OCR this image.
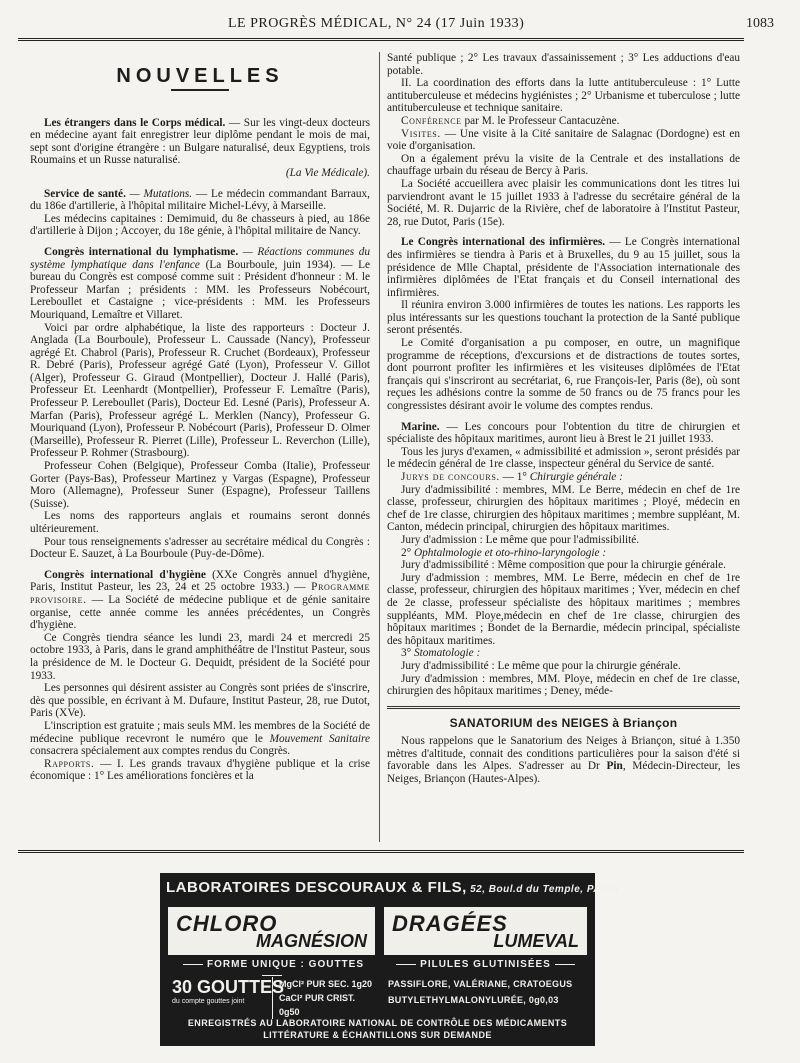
LE PROGRÈS MÉDICAL, N° 24 (17 Juin 1933)	1083
NOUVELLES

Les étrangers dans le Corps médical. — Sur les vingt-deux docteurs en médecine ayant fait enregistrer leur diplôme pendant le mois de mai, sept sont d'origine étrangère : un Bulgare naturalisé, deux Egyptiens, trois Roumains et un Russe naturalisé.

(La Vie Médicale).

Service de santé. — Mutations. — Le médecin commandant Barraux, du 186e d'artillerie, à l'hôpital militaire Michel-Lévy, à Marseille.

Les médecins capitaines : Demimuid, du 8e chasseurs à pied, au 186e d'artillerie à Dijon ; Accoyer, du 18e génie, à l'hôpital militaire de Nancy.

Congrès international du lymphatisme. — Réactions communes du système lymphatique dans l'enfance (La Bourboule, juin 1934). — Le bureau du Congrès est composé comme suit : Président d'honneur : M. le Professeur Marfan ; présidents : MM. les Professeurs Nobécourt, Lereboullet et Castaigne ; vice-présidents : MM. les Professeurs Mouriquand, Lemaître et Villaret.

Voici par ordre alphabétique, la liste des rapporteurs : Docteur J. Anglada (La Bourboule), Professeur L. Caussade (Nancy), Professeur agrégé Et. Chabrol (Paris), Professeur R. Cruchet (Bordeaux), Professeur R. Debré (Paris), Professeur agrégé Gaté (Lyon), Professeur V. Gillot (Alger), Professeur G. Giraud (Montpellier), Docteur J. Hallé (Paris), Professeur Et. Leenhardt (Montpellier), Professeur F. Lemaître (Paris), Professeur P. Lereboullet (Paris), Docteur Ed. Lesné (Paris), Professeur A. Marfan (Paris), Professeur agrégé L. Merklen (Nancy), Professeur G. Mouriquand (Lyon), Professeur P. Nobécourt (Paris), Professeur D. Olmer (Marseille), Professeur R. Pierret (Lille), Professeur L. Reverchon (Lille), Professeur P. Rohmer (Strasbourg).

Professeur Cohen (Belgique), Professeur Comba (Italie), Professeur Gorter (Pays-Bas), Professeur Martinez y Vargas (Espagne), Professeur Moro (Allemagne), Professeur Suner (Espagne), Professeur Taillens (Suisse).

Les noms des rapporteurs anglais et roumains seront donnés ultérieurement.

Pour tous renseignements s'adresser au secrétaire médical du Congrès : Docteur E. Sauzet, à La Bourboule (Puy-de-Dôme).

Congrès international d'hygiène (XXe Congrès annuel d'hygiène, Paris, Institut Pasteur, les 23, 24 et 25 octobre 1933.) — Programme provisoire. — La Société de médecine publique et de génie sanitaire organise, cette année comme les années précédentes, un Congrès d'hygiène.

Ce Congrès tiendra séance les lundi 23, mardi 24 et mercredi 25 octobre 1933, à Paris, dans le grand amphithéâtre de l'Institut Pasteur, sous la présidence de M. le Docteur G. Dequidt, président de la Société pour 1933.

Les personnes qui désirent assister au Congrès sont priées de s'inscrire, dès que possible, en écrivant à M. Dufaure, Institut Pasteur, 28, rue Dutot, Paris (XVe).

L'inscription est gratuite ; mais seuls MM. les membres de la Société de médecine publique recevront le numéro que le Mouvement Sanitaire consacrera spécialement aux comptes rendus du Congrès.

Rapports. — I. Les grands travaux d'hygiène publique et la crise économique : 1° Les améliorations foncières et la

Santé publique ; 2° Les travaux d'assainissement ; 3° Les adductions d'eau potable.

II. La coordination des efforts dans la lutte antituberculeuse : 1° Lutte antituberculeuse et médecins hygiénistes ; 2° Urbanisme et tuberculose ; lutte antituberculeuse et technique sanitaire.

Conférence par M. le Professeur Cantacuzène.

Visites. — Une visite à la Cité sanitaire de Salagnac (Dordogne) est en voie d'organisation.

On a également prévu la visite de la Centrale et des installations de chauffage urbain du réseau de Bercy à Paris.

La Société accueillera avec plaisir les communications dont les titres lui parviendront avant le 15 juillet 1933 à l'adresse du secrétaire général de la Société, M. R. Dujarric de la Rivière, chef de laboratoire à l'Institut Pasteur, 28, rue Dutot, Paris (15e).

Le Congrès international des infirmières. — Le Congrès international des infirmières se tiendra à Paris et à Bruxelles, du 9 au 15 juillet, sous la présidence de Mlle Chaptal, présidente de l'Association internationale des infirmières diplômées de l'Etat français et du Conseil international des infirmières.

Il réunira environ 3.000 infirmières de toutes les nations. Les rapports les plus intéressants sur les questions touchant la protection de la Santé publique seront présentés.

Le Comité d'organisation a pu composer, en outre, un magnifique programme de réceptions, d'excursions et de distractions de toutes sortes, dont pourront profiter les infirmières et les visiteuses diplômées de l'Etat français qui s'inscriront au secrétariat, 6, rue François-Ier, Paris (8e), où sont reçues les adhésions contre la somme de 50 francs ou de 75 francs pour les congressistes désirant avoir le volume des comptes rendus.

Marine. — Les concours pour l'obtention du titre de chirurgien et spécialiste des hôpitaux maritimes, auront lieu à Brest le 21 juillet 1933.

Tous les jurys d'examen, « admissibilité et admission », seront présidés par le médecin général de 1re classe, inspecteur général du Service de santé.

Jurys de concours. — 1° Chirurgie générale :

Jury d'admissibilité : membres, MM. Le Berre, médecin en chef de 1re classe, professeur, chirurgien des hôpitaux maritimes ; Ployé, médecin en chef de 1re classe, chirurgien des hôpitaux maritimes ; membre suppléant, M. Canton, médecin principal, chirurgien des hôpitaux maritimes.

Jury d'admission : Le même que pour l'admissibilité.

2° Ophtalmologie et oto-rhino-laryngologie :

Jury d'admissibilité : Même composition que pour la chirurgie générale.

Jury d'admission : membres, MM. Le Berre, médecin en chef de 1re classe, professeur, chirurgien des hôpitaux maritimes ; Yver, médecin en chef de 2e classe, professeur spécialiste des hôpitaux maritimes ; membres suppléants, MM. Ploye,médecin en chef de 1re classe, chirurgien des hôpitaux maritimes ; Bondet de la Bernardie, médecin principal, spécialiste des hôpitaux maritimes.

3° Stomatologie :

Jury d'admissibilité : Le même que pour la chirurgie générale.

Jury d'admission : membres, MM. Ploye, médecin en chef de 1re classe, chirurgien des hôpitaux maritimes ; Deney, méde-

SANATORIUM des NEIGES à Briançon

Nous rappelons que le Sanatorium des Neiges à Briançon, situé à 1.350 mètres d'altitude, connait des conditions particulières pour la saison d'été si favorable dans les Alpes. S'adresser au Dr Pin, Médecin-Directeur, les Neiges, Briançon (Hautes-Alpes).

LABORATOIRES DESCOURAUX & FILS, 52, Boul.d du Temple, PARIS
CHLORO
MAGNÉSION
FORME UNIQUE : GOUTTES
30 GOUTTES
du compte gouttes joint
MgCl² PUR SEC. 1g20
CaCl² PUR CRIST. 0g50
DRAGÉES
LUMEVAL
PILULES GLUTINISÉES
PASSIFLORE, VALÉRIANE, CRATOEGUS
BUTYLETHYLMALONYLURÉE, 0g0,03
ENREGISTRÉS AU LABORATOIRE NATIONAL DE CONTRÔLE DES MÉDICAMENTS
LITTÉRATURE & ÉCHANTILLONS SUR DEMANDE
